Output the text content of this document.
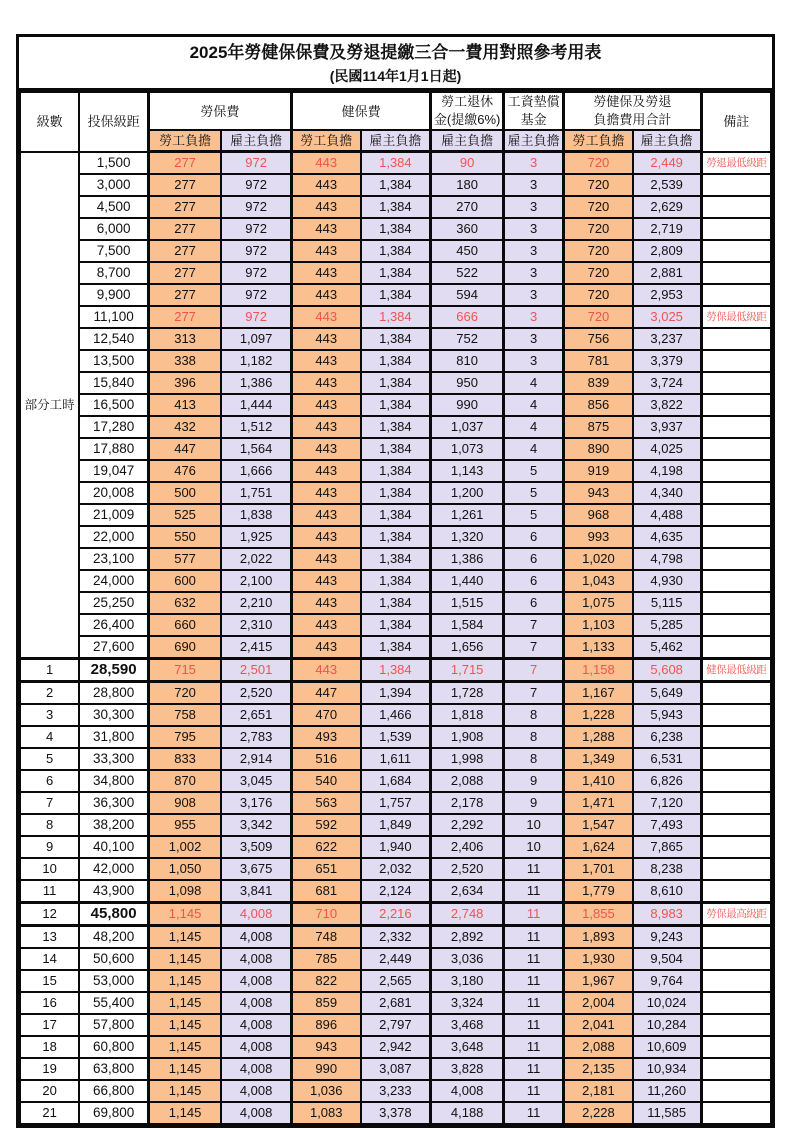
2025年勞健保保費及勞退提繳三合一費用對照參考用表
(民國114年1月1日起)
級數	投保級距	勞保費		健保費		勞工退休
金(提繳6%)	工資墊償
基金	勞健保及勞退
負擔費用合計		備註
		勞工負擔	雇主負擔	勞工負擔	雇主負擔	雇主負擔	雇主負擔	勞工負擔	雇主負擔	
部分工時	1,500	277	972	443	1,384	90	3	720	2,449	勞退最低級距
	3,000	277	972	443	1,384	180	3	720	2,539	
	4,500	277	972	443	1,384	270	3	720	2,629	
	6,000	277	972	443	1,384	360	3	720	2,719	
	7,500	277	972	443	1,384	450	3	720	2,809	
	8,700	277	972	443	1,384	522	3	720	2,881	
	9,900	277	972	443	1,384	594	3	720	2,953	
	11,100	277	972	443	1,384	666	3	720	3,025	勞保最低級距
	12,540	313	1,097	443	1,384	752	3	756	3,237	
	13,500	338	1,182	443	1,384	810	3	781	3,379	
	15,840	396	1,386	443	1,384	950	4	839	3,724	
	16,500	413	1,444	443	1,384	990	4	856	3,822	
	17,280	432	1,512	443	1,384	1,037	4	875	3,937	
	17,880	447	1,564	443	1,384	1,073	4	890	4,025	
	19,047	476	1,666	443	1,384	1,143	5	919	4,198	
	20,008	500	1,751	443	1,384	1,200	5	943	4,340	
	21,009	525	1,838	443	1,384	1,261	5	968	4,488	
	22,000	550	1,925	443	1,384	1,320	6	993	4,635	
	23,100	577	2,022	443	1,384	1,386	6	1,020	4,798	
	24,000	600	2,100	443	1,384	1,440	6	1,043	4,930	
	25,250	632	2,210	443	1,384	1,515	6	1,075	5,115	
	26,400	660	2,310	443	1,384	1,584	7	1,103	5,285	
	27,600	690	2,415	443	1,384	1,656	7	1,133	5,462	
1	28,590	715	2,501	443	1,384	1,715	7	1,158	5,608	健保最低級距
2	28,800	720	2,520	447	1,394	1,728	7	1,167	5,649	
3	30,300	758	2,651	470	1,466	1,818	8	1,228	5,943	
4	31,800	795	2,783	493	1,539	1,908	8	1,288	6,238	
5	33,300	833	2,914	516	1,611	1,998	8	1,349	6,531	
6	34,800	870	3,045	540	1,684	2,088	9	1,410	6,826	
7	36,300	908	3,176	563	1,757	2,178	9	1,471	7,120	
8	38,200	955	3,342	592	1,849	2,292	10	1,547	7,493	
9	40,100	1,002	3,509	622	1,940	2,406	10	1,624	7,865	
10	42,000	1,050	3,675	651	2,032	2,520	11	1,701	8,238	
11	43,900	1,098	3,841	681	2,124	2,634	11	1,779	8,610	
12	45,800	1,145	4,008	710	2,216	2,748	11	1,855	8,983	勞保最高級距
13	48,200	1,145	4,008	748	2,332	2,892	11	1,893	9,243	
14	50,600	1,145	4,008	785	2,449	3,036	11	1,930	9,504	
15	53,000	1,145	4,008	822	2,565	3,180	11	1,967	9,764	
16	55,400	1,145	4,008	859	2,681	3,324	11	2,004	10,024	
17	57,800	1,145	4,008	896	2,797	3,468	11	2,041	10,284	
18	60,800	1,145	4,008	943	2,942	3,648	11	2,088	10,609	
19	63,800	1,145	4,008	990	3,087	3,828	11	2,135	10,934	
20	66,800	1,145	4,008	1,036	3,233	4,008	11	2,181	11,260	
21	69,800	1,145	4,008	1,083	3,378	4,188	11	2,228	11,585	
